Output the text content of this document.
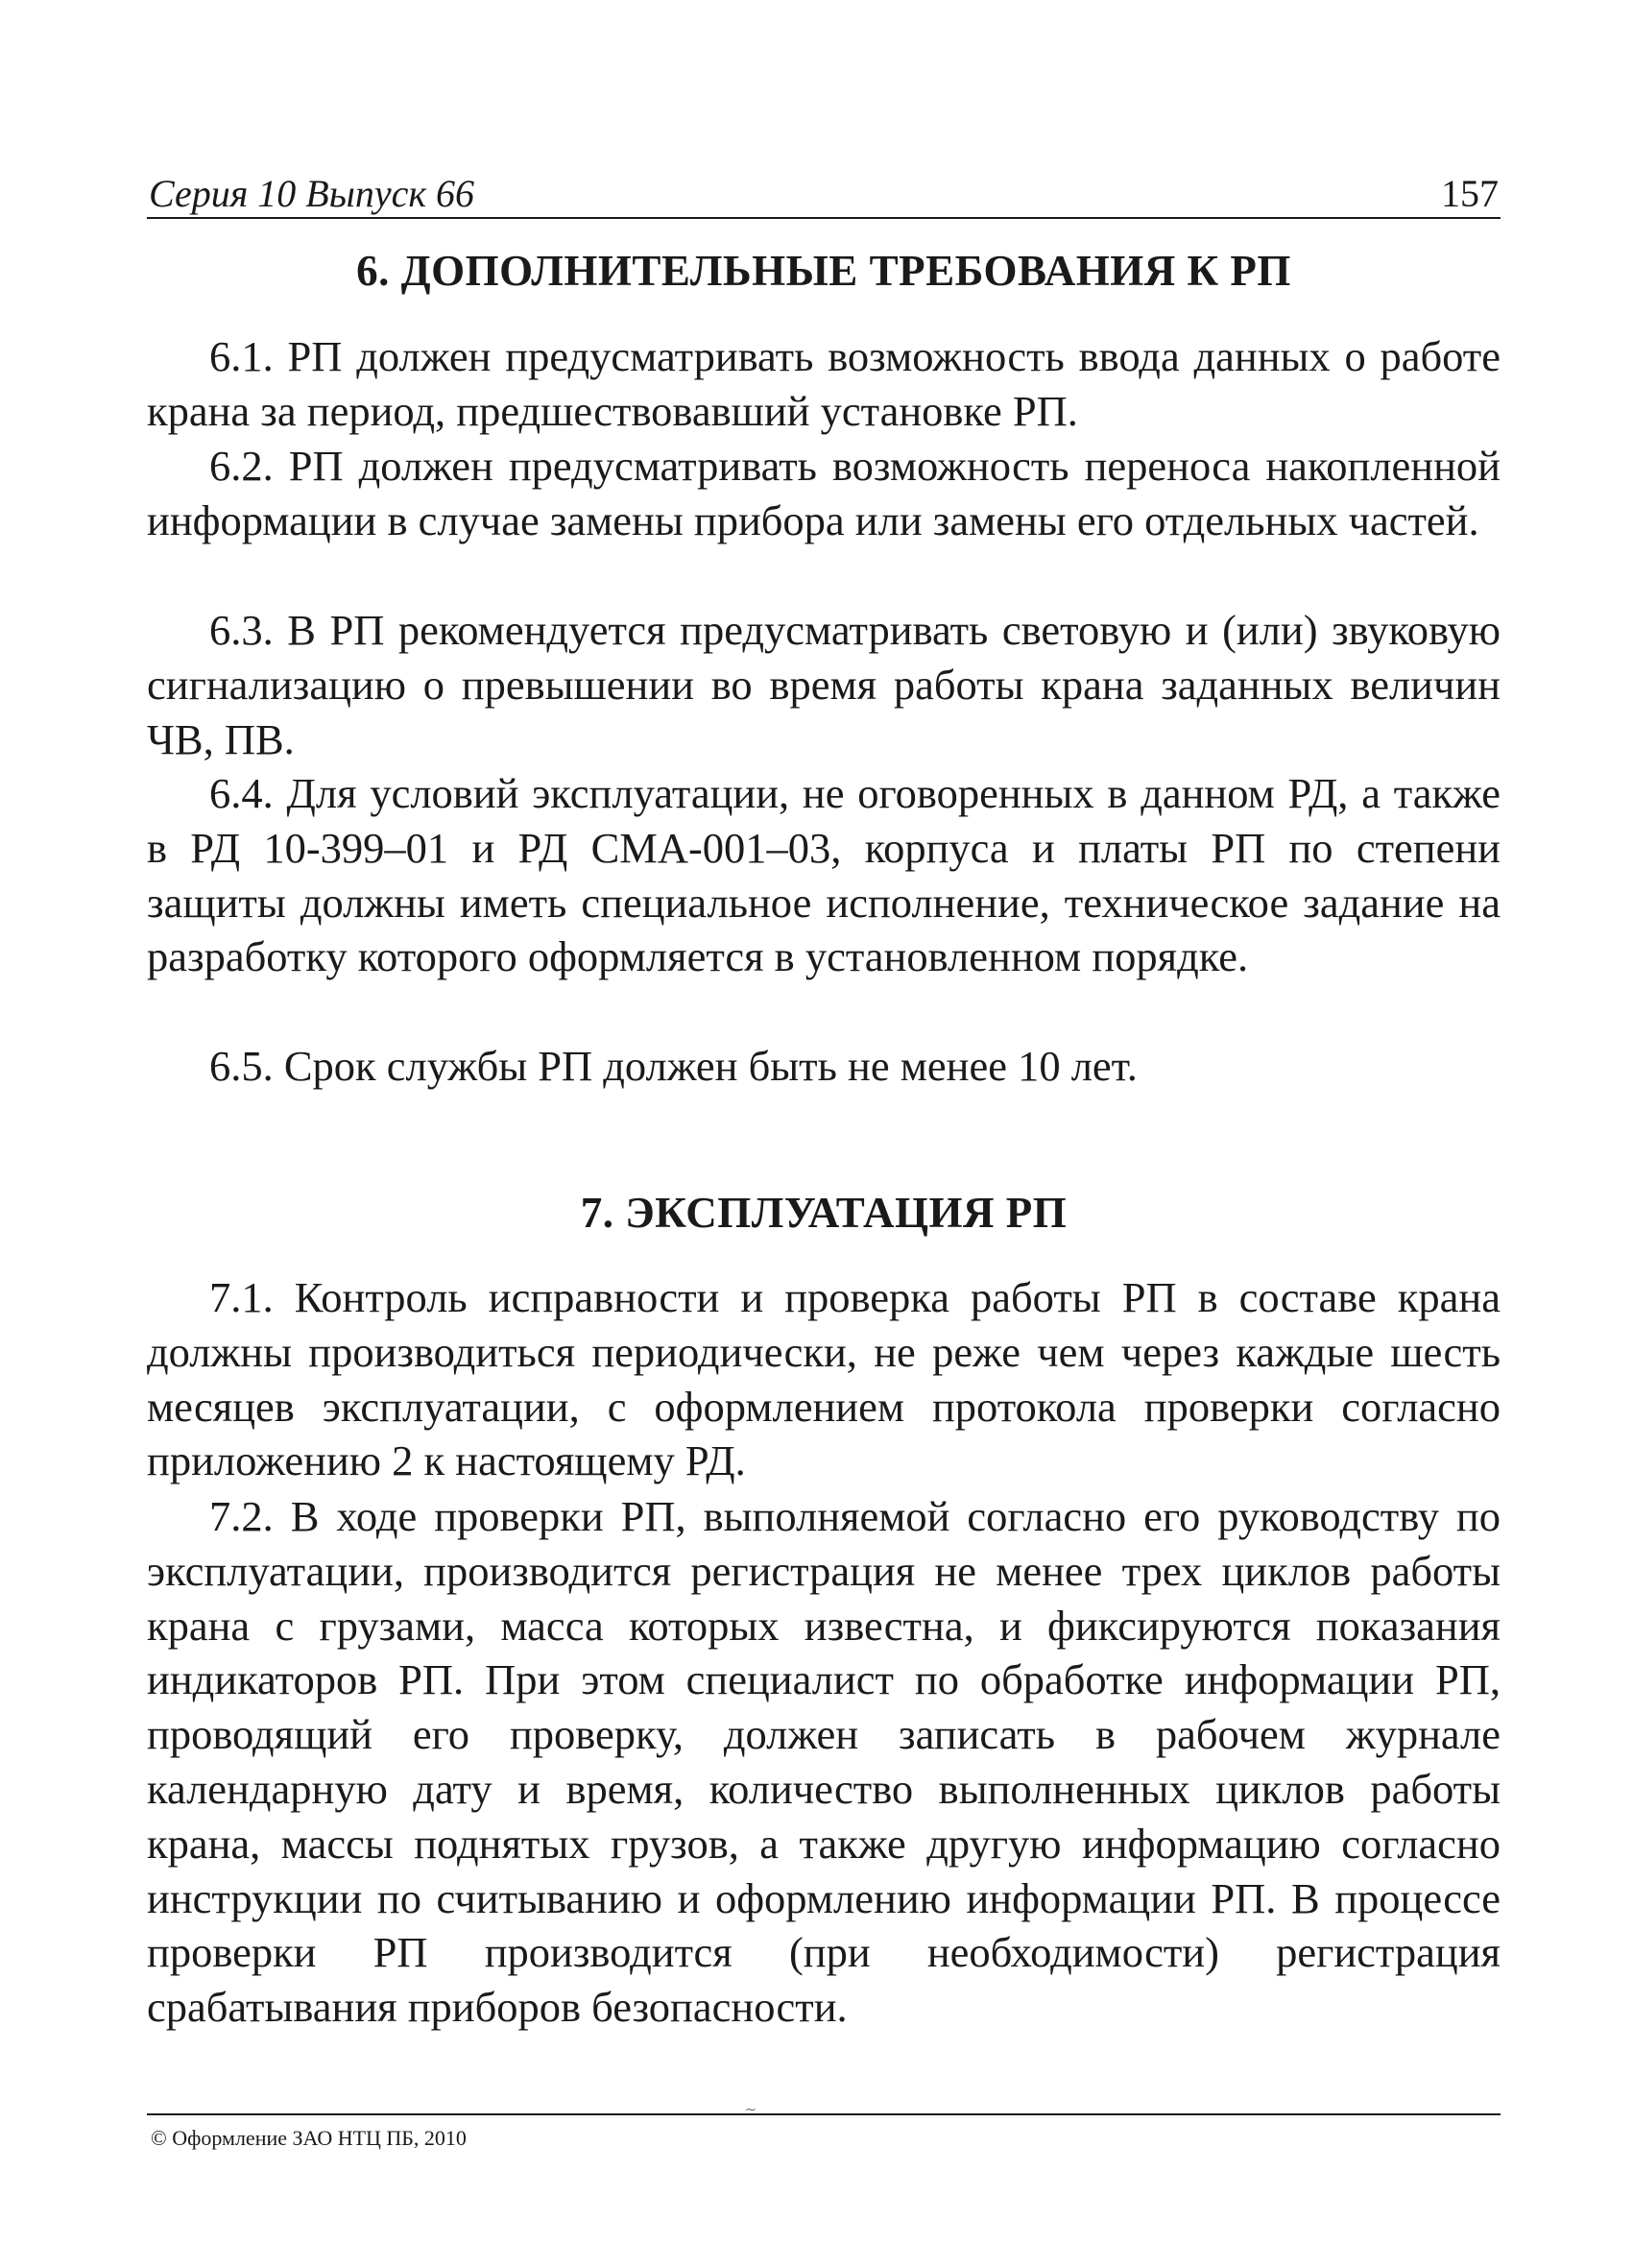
Серия 10 Выпуск 66	157
6. ДОПОЛНИТЕЛЬНЫЕ ТРЕБОВАНИЯ К РП
6.1. РП должен предусматривать возможность ввода данных о работе крана за период, предшествовавший установке РП.
6.2. РП должен предусматривать возможность переноса накопленной информации в случае замены прибора или замены его отдельных частей.
6.3. В РП рекомендуется предусматривать световую и (или) звуковую сигнализацию о превышении во время работы крана заданных величин ЧВ, ПВ.
6.4. Для условий эксплуатации, не оговоренных в данном РД, а также в РД 10-399–01 и РД СМА-001–03, корпуса и платы РП по степени защиты должны иметь специальное исполнение, техническое задание на разработку которого оформляется в установленном порядке.
6.5. Срок службы РП должен быть не менее 10 лет.
7. ЭКСПЛУАТАЦИЯ РП
7.1. Контроль исправности и проверка работы РП в составе крана должны производиться периодически, не реже чем через каждые шесть месяцев эксплуатации, с оформлением протокола проверки согласно приложению 2 к настоящему РД.
7.2. В ходе проверки РП, выполняемой согласно его руководству по эксплуатации, производится регистрация не менее трех циклов работы крана с грузами, масса которых известна, и фиксируются показания индикаторов РП. При этом специалист по обработке информации РП, проводящий его проверку, должен записать в рабочем журнале календарную дату и время, количество выполненных циклов работы крана, массы поднятых грузов, а также другую информацию согласно инструкции по считыванию и оформлению информации РП. В процессе проверки РП производится (при необходимости) регистрация срабатывания приборов безопасности.
∼
© Оформление ЗАО НТЦ ПБ, 2010
